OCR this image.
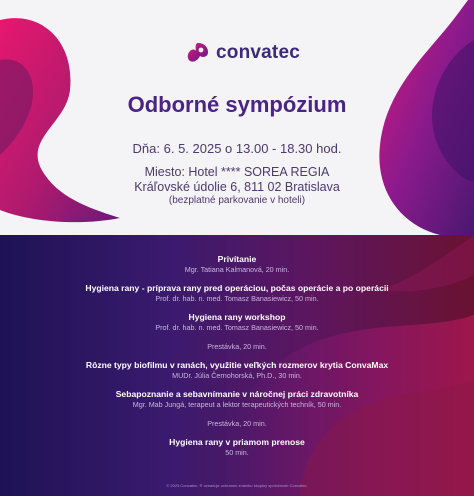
convatec
Odborné sympózium
Dňa: 6. 5. 2025 o 13.00 - 18.30 hod.
Miesto: Hotel **** SOREA REGIA
Kráľovské údolie 6, 811 02 Bratislava
(bezplatné parkovanie v hoteli)
Privítanie
Mgr. Tatiana Kalmanová, 20 min.
Hygiena rany - príprava rany pred operáciou, počas operácie a po operácii
Prof. dr. hab. n. med. Tomasz Banasiewicz, 50 min.
Hygiena rany workshop
Prof. dr. hab. n. med. Tomasz Banasiewicz, 50 min.
Prestávka, 20 min.
Rôzne typy biofilmu v ranách, využitie veľkých rozmerov krytia ConvaMax
MUDr. Júlia Černohorská, Ph.D., 30 min.
Sebapoznanie a sebavnímanie v náročnej práci zdravotníka
Mgr. Mab Jungá, terapeut a lektor terapeutických techník, 50 min.
Prestávka, 20 min.
Hygiena rany v priamom prenose
50 min.
© 2025 Convatec. ® označuje ochrannú známku skupiny spoločností Convatec.
